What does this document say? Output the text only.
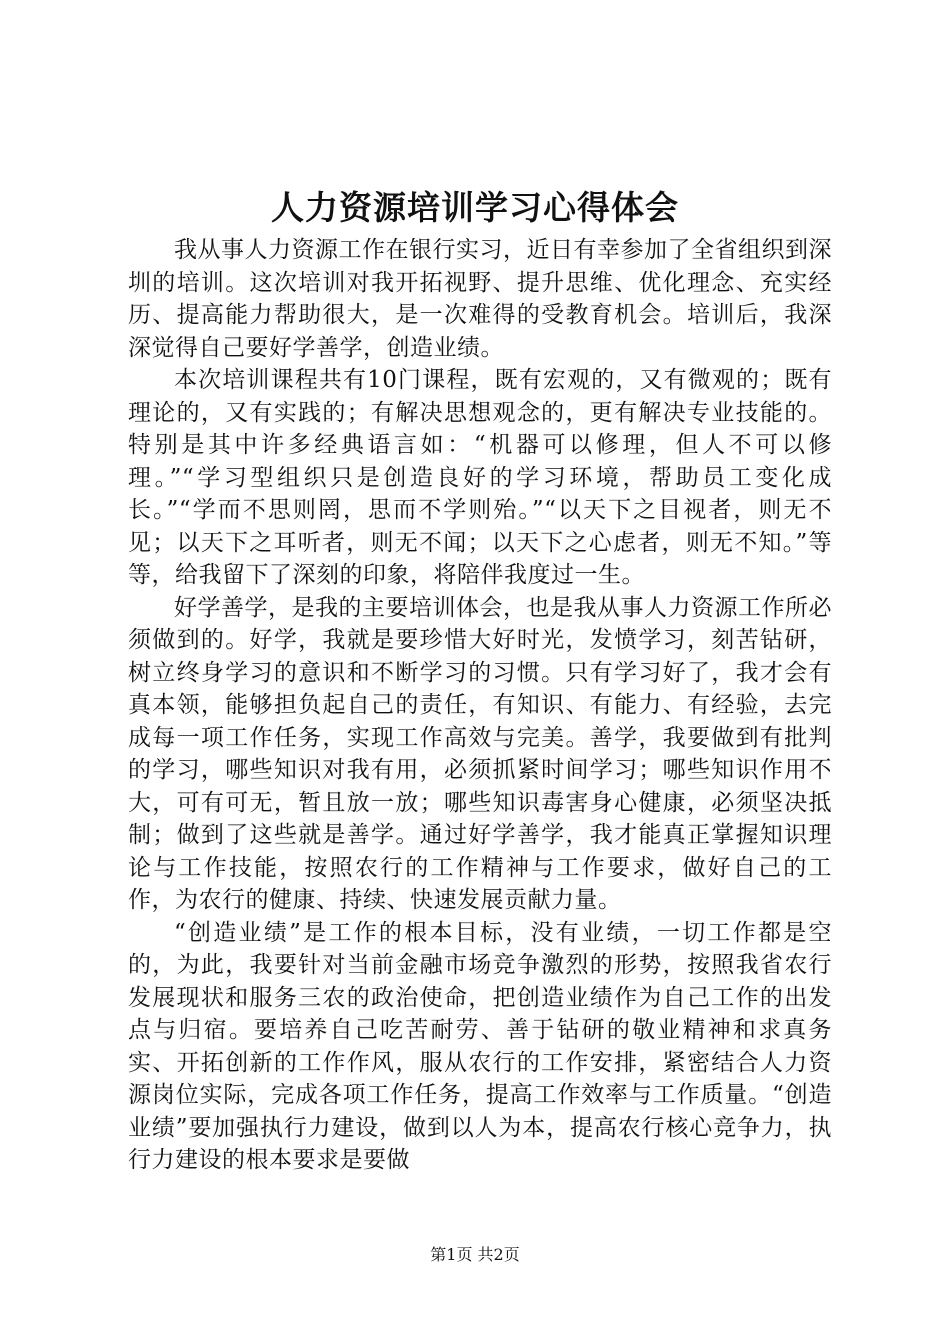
人力资源培训学习心得体会

我从事人力资源工作在银行实习，近日有幸参加了全省组织到深圳的培训。这次培训对我开拓视野、提升思维、优化理念、充实经历、提高能力帮助很大，是一次难得的受教育机会。培训后，我深深觉得自己要好学善学，创造业绩。

本次培训课程共有10门课程，既有宏观的，又有微观的；既有理论的，又有实践的；有解决思想观念的，更有解决专业技能的。特别是其中许多经典语言如：“机器可以修理，但人不可以修理。”“学习型组织只是创造良好的学习环境，帮助员工变化成长。”“学而不思则罔，思而不学则殆。”“以天下之目视者，则无不见；以天下之耳听者，则无不闻；以天下之心虑者，则无不知。”等等，给我留下了深刻的印象，将陪伴我度过一生。

好学善学，是我的主要培训体会，也是我从事人力资源工作所必须做到的。好学，我就是要珍惜大好时光，发愤学习，刻苦钻研，树立终身学习的意识和不断学习的习惯。只有学习好了，我才会有真本领，能够担负起自己的责任，有知识、有能力、有经验，去完成每一项工作任务，实现工作高效与完美。善学，我要做到有批判的学习，哪些知识对我有用，必须抓紧时间学习；哪些知识作用不大，可有可无，暂且放一放；哪些知识毒害身心健康，必须坚决抵制；做到了这些就是善学。通过好学善学，我才能真正掌握知识理论与工作技能，按照农行的工作精神与工作要求，做好自己的工作，为农行的健康、持续、快速发展贡献力量。

“创造业绩”是工作的根本目标，没有业绩，一切工作都是空的，为此，我要针对当前金融市场竞争激烈的形势，按照我省农行发展现状和服务三农的政治使命，把创造业绩作为自己工作的出发点与归宿。要培养自己吃苦耐劳、善于钻研的敬业精神和求真务实、开拓创新的工作作风，服从农行的工作安排，紧密结合人力资源岗位实际，完成各项工作任务，提高工作效率与工作质量。“创造业绩”要加强执行力建设，做到以人为本，提高农行核心竞争力，执行力建设的根本要求是要做

第1页 共2页
